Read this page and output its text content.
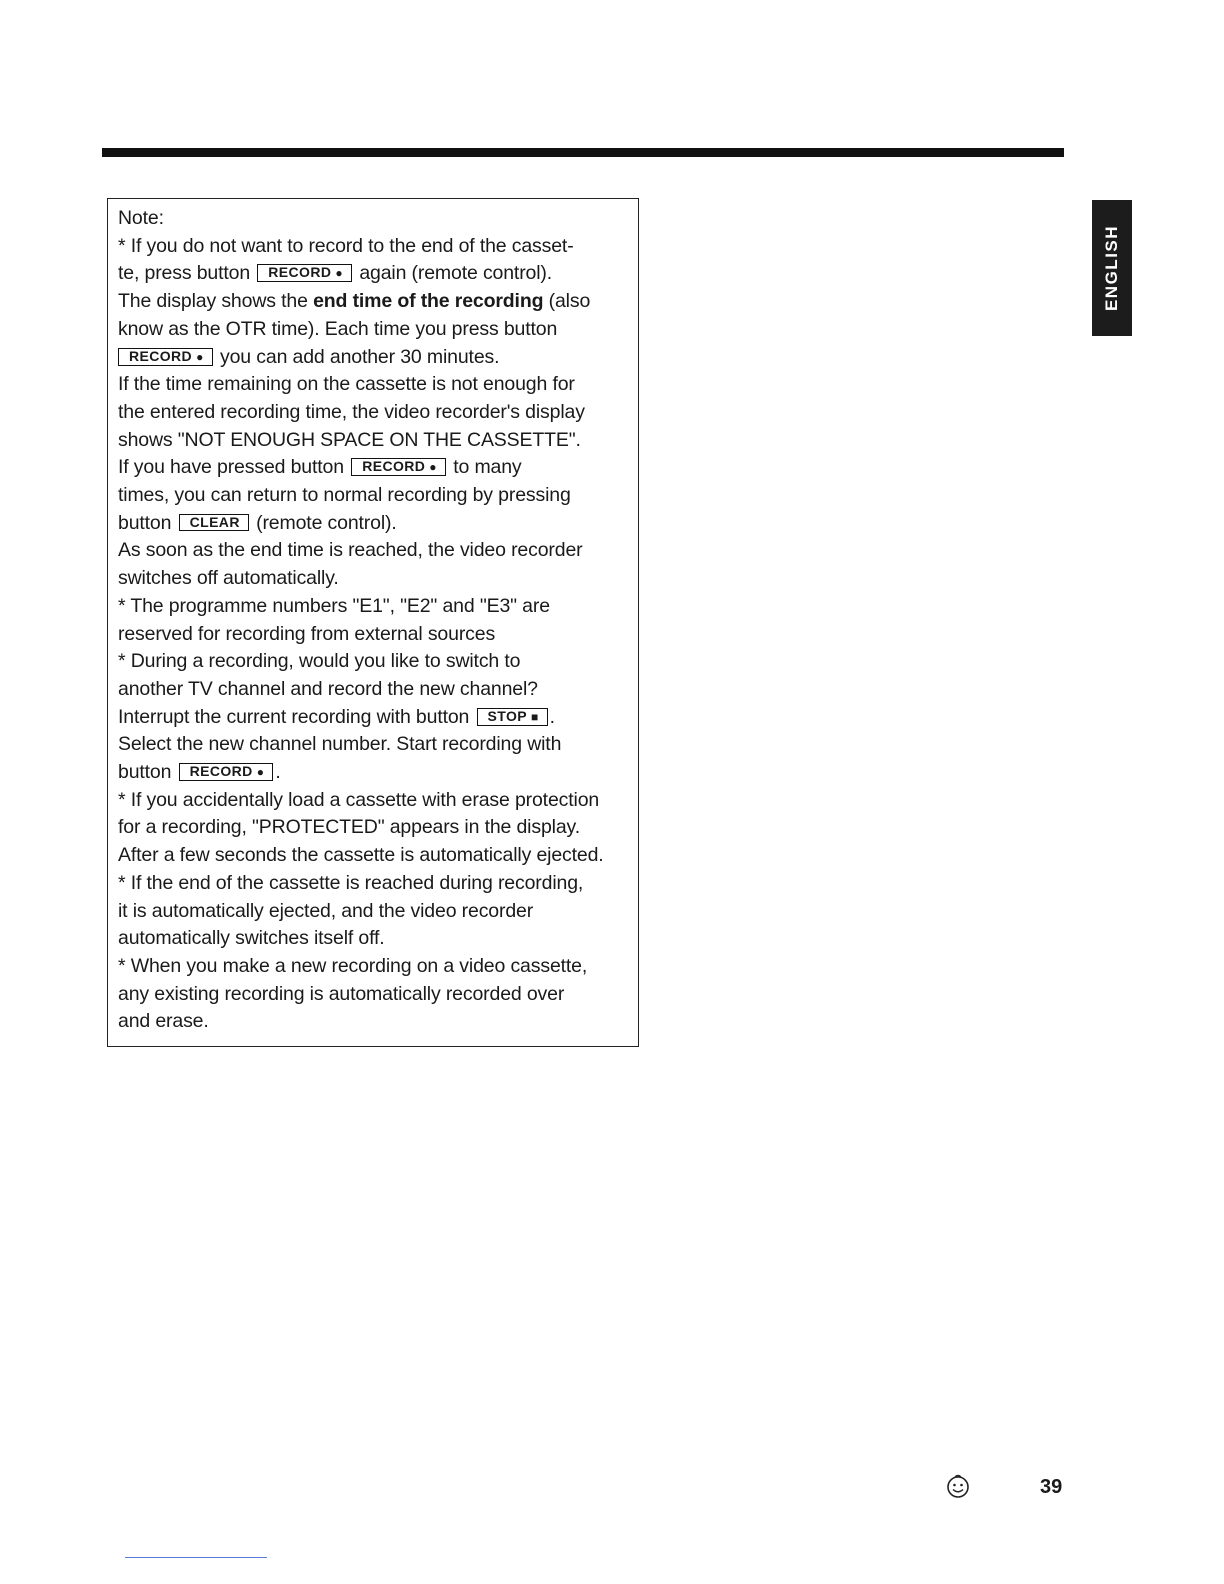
ENGLISH

Note:

* If you do not want to record to the end of the casset-

te, press button RECORD ● again (remote control).

The display shows the end time of the recording (also

know as the OTR time). Each time you press button

RECORD ● you can add another 30 minutes.

If the time remaining on the cassette is not enough for

the entered recording time, the video recorder's display

shows "NOT ENOUGH SPACE ON THE CASSETTE".

If you have pressed button RECORD ● to many

times, you can return to normal recording by pressing

button CLEAR (remote control).

As soon as the end time is reached, the video recorder

switches off automatically.

* The programme numbers "E1", "E2" and "E3" are

reserved for recording from external sources

* During a recording, would you like to switch to

another TV channel and record the new channel?

Interrupt the current recording with button STOP ■ .

Select the new channel number. Start recording with

button RECORD ● .

* If you accidentally load a cassette with erase protection

for a recording, "PROTECTED" appears in the display.

After a few seconds the cassette is automatically ejected.

* If the end of the cassette is reached during recording,

it is automatically ejected, and the video recorder

automatically switches itself off.

* When you make a new recording on a video cassette,

any existing recording is automatically recorded over

and erase.

39
